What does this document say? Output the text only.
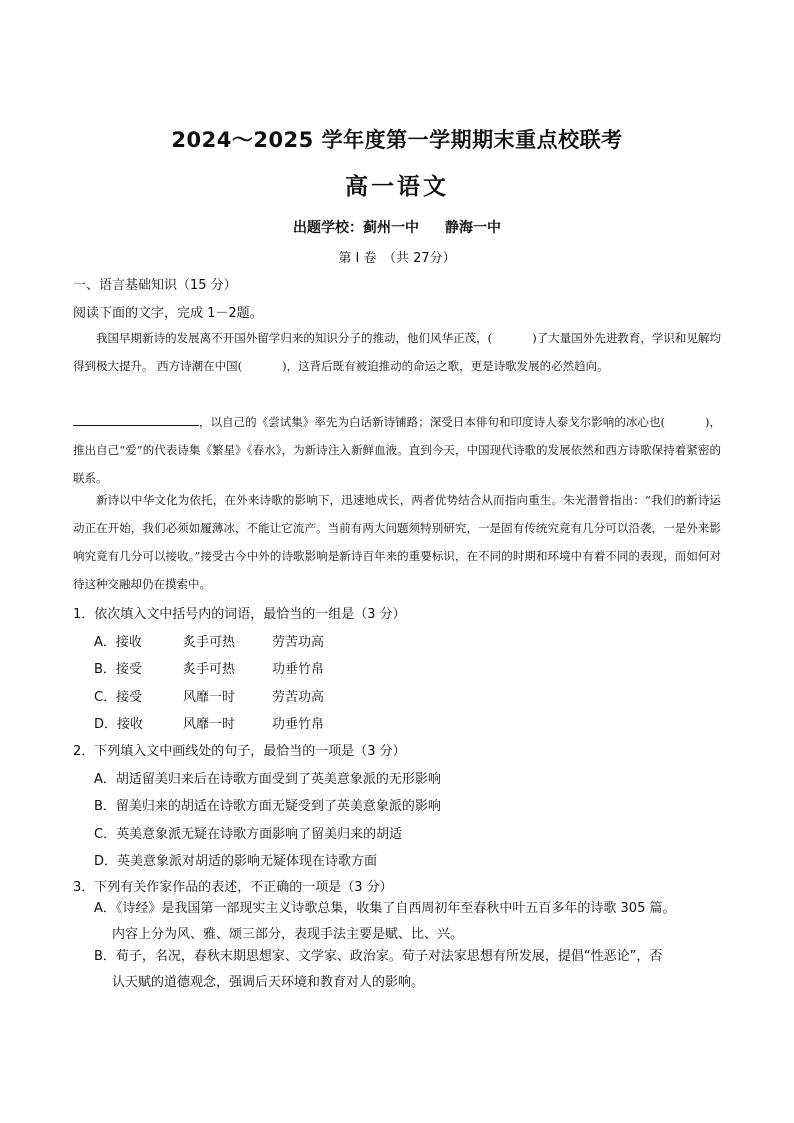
2024～2025 学年度第一学期期末重点校联考
高一语文
出题学校：蓟州一中 静海一中
第 I 卷　（共 27分）
一、语言基础知识（15 分）
阅读下面的文字，完成 1－2题。
我国早期新诗的发展离不开国外留学归来的知识分子的推动，他们风华正茂，(	)了大量国外先进教育，学识和见解均得到极大提升。 西方诗潮在中国(	)，这背后既有被迫推动的命运之歌，更是诗歌发展的必然趋向。
，以自己的《尝试集》率先为白话新诗铺路；深受日本俳句和印度诗人泰戈尔影响的冰心也(	)，推出自己“爱”的代表诗集《繁星》《春水》，为新诗注入新鲜血液。直到今天，中国现代诗歌的发展依然和西方诗歌保持着紧密的联系。
新诗以中华文化为依托，在外来诗歌的影响下，迅速地成长，两者优势结合从而指向重生。朱光潜曾指出：“我们的新诗运动正在开始，我们必须如履薄冰，不能让它流产。当前有两大问题须特别研究，一是固有传统究竟有几分可以沿袭，一是外来影响究竟有几分可以接收。”接受古今中外的诗歌影响是新诗百年来的重要标识，在不同的时期和环境中有着不同的表现，而如何对待这种交融却仍在摸索中。
1．依次填入文中括号内的词语，最恰当的一组是（3 分）
A．接收	炙手可热	劳苦功高
B．接受	炙手可热	功垂竹帛
C．接受	风靡一时	劳苦功高
D．接收	风靡一时	功垂竹帛
2．下列填入文中画线处的句子，最恰当的一项是（3 分）
A．胡适留美归来后在诗歌方面受到了英美意象派的无形影响
B．留美归来的胡适在诗歌方面无疑受到了英美意象派的影响
C．英美意象派无疑在诗歌方面影响了留美归来的胡适
D．英美意象派对胡适的影响无疑体现在诗歌方面
3．下列有关作家作品的表述，不正确的一项是（3 分）
A．《诗经》是我国第一部现实主义诗歌总集，收集了自西周初年至春秋中叶五百多年的诗歌 305 篇。
内容上分为风、雅、颂三部分，表现手法主要是赋、比、兴。
B．荀子，名况，春秋末期思想家、文学家、政治家。荀子对法家思想有所发展，提倡“性恶论”，否
认天赋的道德观念，强调后天环境和教育对人的影响。
